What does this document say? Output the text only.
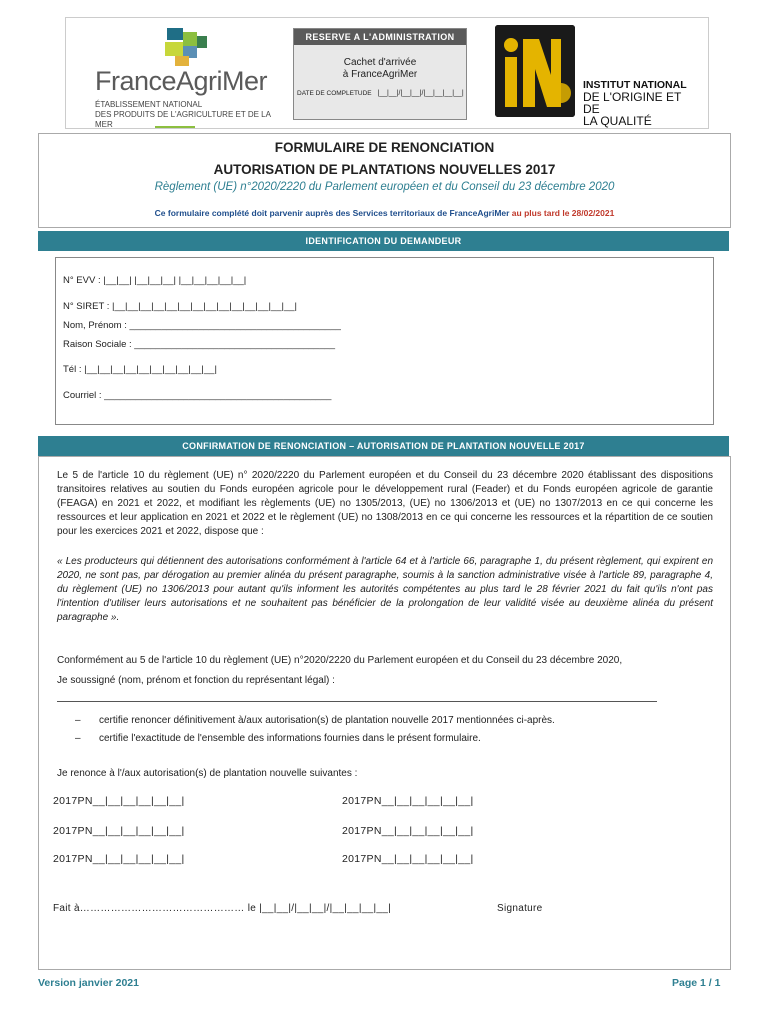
FranceAgriMer
ÉTABLISSEMENT NATIONAL
DES PRODUITS DE L'AGRICULTURE ET DE LA MER
RESERVE A L'ADMINISTRATION
Cachet d'arrivée
à FranceAgriMer
DATE DE COMPLETUDE |__|__|/|__|__|/|__|__|__|__|
INSTITUT NATIONAL
DE L'ORIGINE ET DE
LA QUALITÉ
FORMULAIRE DE RENONCIATION
AUTORISATION DE PLANTATIONS NOUVELLES 2017
Règlement (UE) n°2020/2220 du Parlement européen et du Conseil du 23 décembre 2020
Ce formulaire complété doit parvenir auprès des Services territoriaux de FranceAgriMer au plus tard le 28/02/2021
IDENTIFICATION DU DEMANDEUR
N° EVV : |__|__| |__|__|__| |__|__|__|__|__|
N° SIRET : |__|__|__|__|__|__|__|__|__|__|__|__|__|__|
Nom, Prénom : ________________________________________
Raison Sociale : ______________________________________
Tél : |__|__|__|__|__|__|__|__|__|__|
Courriel : ___________________________________________
CONFIRMATION DE RENONCIATION – AUTORISATION DE PLANTATION NOUVELLE 2017
Le 5 de l'article 10 du règlement (UE) n° 2020/2220 du Parlement européen et du Conseil du 23 décembre 2020 établissant des dispositions transitoires relatives au soutien du Fonds européen agricole pour le développement rural (Feader) et du Fonds européen agricole de garantie (FEAGA) en 2021 et 2022, et modifiant les règlements (UE) no 1305/2013, (UE) no 1306/2013 et (UE) no 1307/2013 en ce qui concerne les ressources et leur application en 2021 et 2022 et le règlement (UE) no 1308/2013 en ce qui concerne les ressources et la répartition de ce soutien pour les exercices 2021 et 2022, dispose que :
« Les producteurs qui détiennent des autorisations conformément à l'article 64 et à l'article 66, paragraphe 1, du présent règlement, qui expirent en 2020, ne sont pas, par dérogation au premier alinéa du présent paragraphe, soumis à la sanction administrative visée à l'article 89, paragraphe 4, du règlement (UE) no 1306/2013 pour autant qu'ils informent les autorités compétentes au plus tard le 28 février 2021 du fait qu'ils n'ont pas l'intention d'utiliser leurs autorisations et ne souhaitent pas bénéficier de la prolongation de leur validité visée au deuxième alinéa du présent paragraphe ».
Conformément au 5 de l'article 10 du règlement (UE) n°2020/2220 du Parlement européen et du Conseil du 23 décembre 2020,
Je soussigné (nom, prénom et fonction du représentant légal) :
– certifie renoncer définitivement à/aux autorisation(s) de plantation nouvelle 2017 mentionnées ci-après.
– certifie l'exactitude de l'ensemble des informations fournies dans le présent formulaire.
Je renonce à l'/aux autorisation(s) de plantation nouvelle suivantes :
2017PN__|__|__|__|__|__|	2017PN__|__|__|__|__|__|
2017PN__|__|__|__|__|__|	2017PN__|__|__|__|__|__|
2017PN__|__|__|__|__|__|	2017PN__|__|__|__|__|__|
Fait à………………………………………… le |__|__|/|__|__|/|__|__|__|__|	Signature
Version janvier 2021	Page 1 / 1
